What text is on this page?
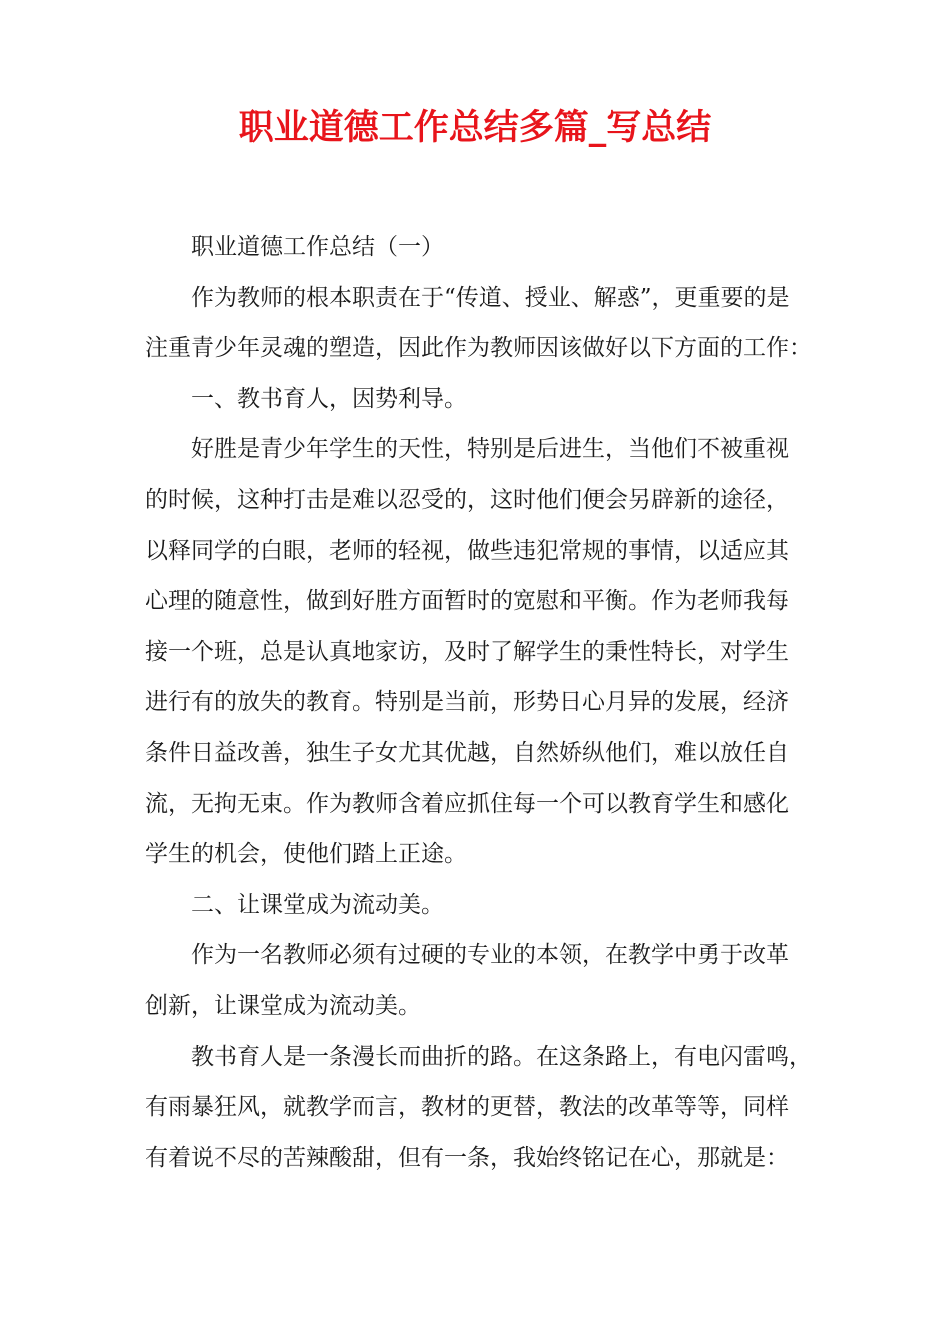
职业道德工作总结多篇_写总结
职业道德工作总结（一）
作为教师的根本职责在于“传道、授业、解惑”，更重要的是
注重青少年灵魂的塑造，因此作为教师因该做好以下方面的工作：
一、教书育人，因势利导。
好胜是青少年学生的天性，特别是后进生，当他们不被重视
的时候，这种打击是难以忍受的，这时他们便会另辟新的途径，
以释同学的白眼，老师的轻视，做些违犯常规的事情，以适应其
心理的随意性，做到好胜方面暂时的宽慰和平衡。作为老师我每
接一个班，总是认真地家访，及时了解学生的秉性特长，对学生
进行有的放失的教育。特别是当前，形势日心月异的发展，经济
条件日益改善，独生子女尤其优越，自然娇纵他们，难以放任自
流，无拘无束。作为教师含着应抓住每一个可以教育学生和感化
学生的机会，使他们踏上正途。
二、让课堂成为流动美。
作为一名教师必须有过硬的专业的本领，在教学中勇于改革
创新，让课堂成为流动美。
教书育人是一条漫长而曲折的路。在这条路上，有电闪雷鸣，
有雨暴狂风，就教学而言，教材的更替，教法的改革等等，同样
有着说不尽的苦辣酸甜，但有一条，我始终铭记在心，那就是：
